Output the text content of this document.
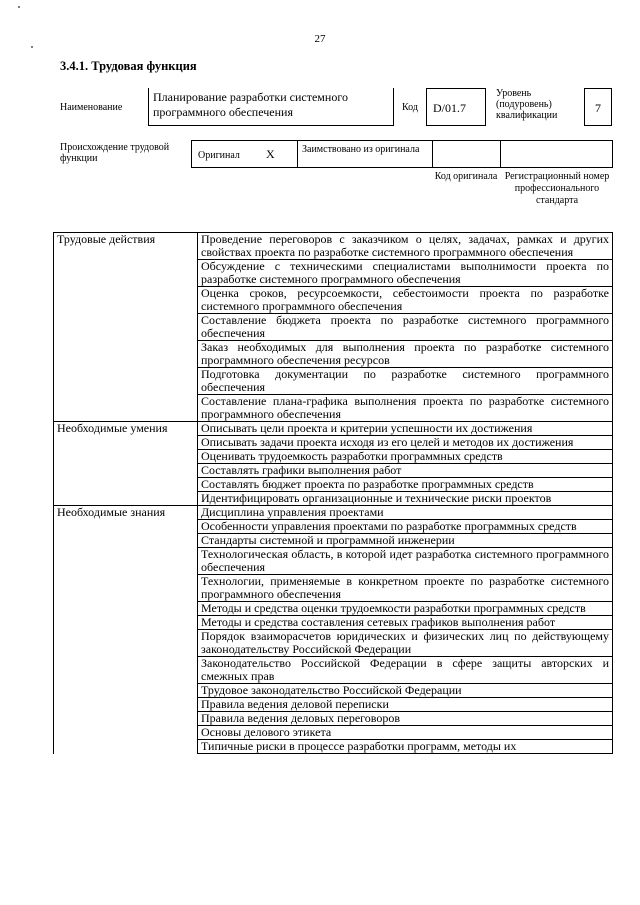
27
3.4.1. Трудовая функция
Наименование
Планирование разработки системного программного обеспечения	Код	D/01.7
Уровень (подуровень) квалификации
7
Происхождение трудовой функции	Оригинал X	Заимствовано из оригинала
Код оригинала Регистрационный номер профессионального стандарта
Трудовые действия	Проведение переговоров с заказчиком о целях, задачах, рамках и других свойствах проекта по разработке системного программного обеспечения
	Обсуждение с техническими специалистами выполнимости проекта по разработке системного программного обеспечения
	Оценка сроков, ресурсоемкости, себестоимости проекта по разработке системного программного обеспечения
	Составление бюджета проекта по разработке системного программного обеспечения
	Заказ необходимых для выполнения проекта по разработке системного программного обеспечения ресурсов
	Подготовка документации по разработке системного программного обеспечения
	Составление плана-графика выполнения проекта по разработке системного программного обеспечения
Необходимые умения	Описывать цели проекта и критерии успешности их достижения
	Описывать задачи проекта исходя из его целей и методов их достижения
	Оценивать трудоемкость разработки программных средств
	Составлять графики выполнения работ
	Составлять бюджет проекта по разработке программных средств
	Идентифицировать организационные и технические риски проектов
Необходимые знания	Дисциплина управления проектами
	Особенности управления проектами по разработке программных средств
	Стандарты системной и программной инженерии
	Технологическая область, в которой идет разработка системного программного обеспечения
	Технологии, применяемые в конкретном проекте по разработке системного программного обеспечения
	Методы и средства оценки трудоемкости разработки программных средств
	Методы и средства составления сетевых графиков выполнения работ
	Порядок взаиморасчетов юридических и физических лиц по действующему законодательству Российской Федерации
	Законодательство Российской Федерации в сфере защиты авторских и смежных прав
	Трудовое законодательство Российской Федерации
	Правила ведения деловой переписки
	Правила ведения деловых переговоров
	Основы делового этикета
	Типичные риски в процессе разработки программ, методы их
